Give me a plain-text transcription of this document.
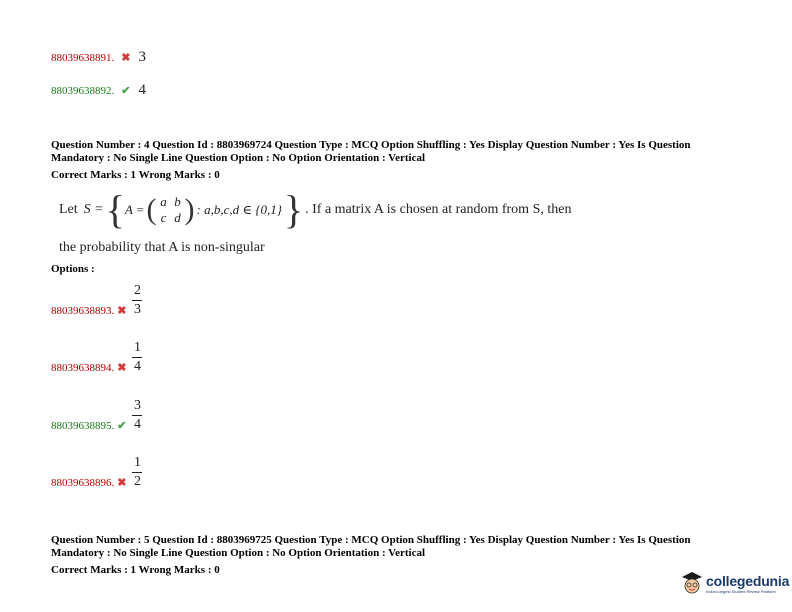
88039638891. ✖ 3
88039638892. ✔ 4
Question Number : 4 Question Id : 8803969724 Question Type : MCQ Option Shuffling : Yes Display Question Number : Yes Is Question
Mandatory : No Single Line Question Option : No Option Orientation : Vertical
Correct Marks : 1 Wrong Marks : 0
Let S = { A = ( a b
c d ) : a,b,c,d ∈ {0,1} } . If a matrix A is chosen at random from S, then
the probability that A is non-singular
Options :
88039638893. ✖ $\frac{2}{3}$
88039638894. ✖ $\frac{1}{4}$
88039638895. ✔ $\frac{3}{4}$
88039638896. ✖ $\frac{1}{2}$
Question Number : 5 Question Id : 8803969725 Question Type : MCQ Option Shuffling : Yes Display Question Number : Yes Is Question
Mandatory : No Single Line Question Option : No Option Orientation : Vertical
Correct Marks : 1 Wrong Marks : 0
collegedunia
India's largest Student Review Platform
